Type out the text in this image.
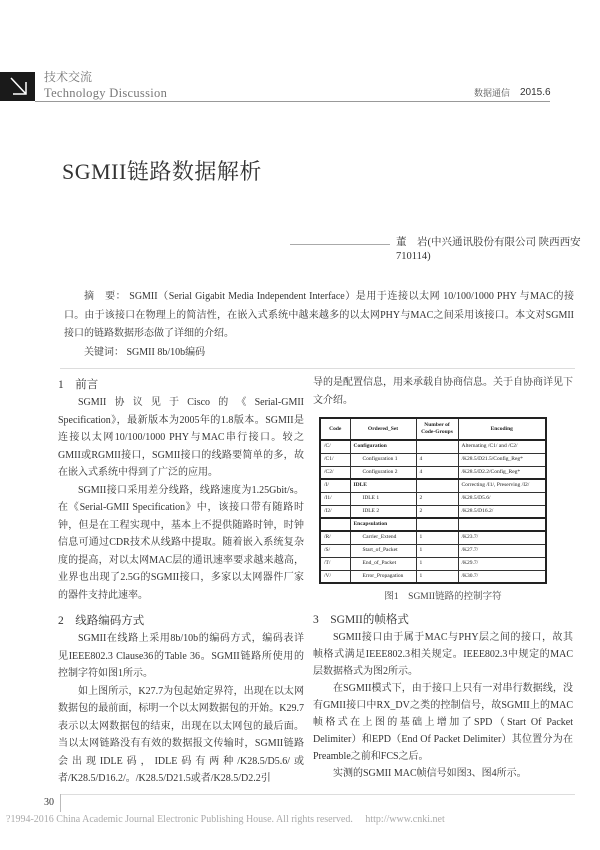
技术交流
Technology Discussion	数据通信 2015.6
SGMII链路数据解析
董　岩(中兴通讯股份有限公司 陕西西安710114)

摘　要： SGMII（Serial Gigabit Media Independent Interface）是用于连接以太网 10/100/1000 PHY 与MAC的接口。由于该接口在物理上的简洁性，在嵌入式系统中越来越多的以太网PHY与MAC之间采用该接口。本文对SGMII接口的链路数据形态做了详细的介绍。

关键词： SGMII 8b/10b编码

1　前言

SGMII协议见于Cisco的《Serial-GMII Specification》，最新版本为2005年的1.8版本。SGMII是连接以太网10/100/1000 PHY与MAC串行接口。较之GMII或RGMII接口，SGMII接口的线路要简单的多，故在嵌入式系统中得到了广泛的应用。

SGMII接口采用差分线路，线路速度为1.25Gbit/s。在《Serial-GMII Specification》中，该接口带有随路时钟，但是在工程实现中，基本上不提供随路时钟，时钟信息可通过CDR技术从线路中提取。随着嵌入系统复杂度的提高，对以太网MAC层的通讯速率要求越来越高，业界也出现了2.5G的SGMII接口，多家以太网器件厂家的器件支持此速率。

2　线路编码方式

SGMII在线路上采用8b/10b的编码方式，编码表详见IEEE802.3 Clause36的Table 36。SGMII链路所使用的控制字符如图1所示。

如上图所示，K27.7为包起始定界符，出现在以太网数据包的最前面，标明一个以太网数据包的开始。K29.7表示以太网数据包的结束，出现在以太网包的最后面。当以太网链路没有有效的数据报文传输时，SGMII链路会出现IDLE码，IDLE码有两种/K28.5/D5.6/或者/K28.5/D16.2/。/K28.5/D21.5或者/K28.5/D2.2引

导的是配置信息，用来承载自协商信息。关于自协商详见下文介绍。

Code	Ordered_Set	Number of Code-Groups	Encoding
/C/	Configuration		Alternating /C1/ and /C2/
/C1/	Configuration 1	4	/K28.5/D21.5/Config_Reg*
/C2/	Configuration 2	4	/K28.5/D2.2/Config_Reg*
/I/	IDLE		Correcting /I1/, Preserving /I2/
/I1/	IDLE 1	2	/K28.5/D5.6/
/I2/	IDLE 2	2	/K28.5/D16.2/
	Encapsulation		
/R/	Carrier_Extend	1	/K23.7/
/S/	Start_of_Packet	1	/K27.7/
/T/	End_of_Packet	1	/K29.7/
/V/	Error_Propagation	1	/K30.7/
图1　SGMII链路的控制字符
3　SGMII的帧格式

SGMII接口由于属于MAC与PHY层之间的接口，故其帧格式满足IEEE802.3相关规定。IEEE802.3中规定的MAC层数据格式为图2所示。

在SGMII模式下，由于接口上只有一对串行数据线，没有GMII接口中RX_DV之类的控制信号，故SGMII上的MAC帧格式在上图的基础上增加了SPD（Start Of Packet Delimiter）和EPD（End Of Packet Delimiter）其位置分为在Preamble之前和FCS之后。

实测的SGMII MAC帧信号如图3、图4所示。

30
?1994-2016 China Academic Journal Electronic Publishing House. All rights reserved.　 http://www.cnki.net
